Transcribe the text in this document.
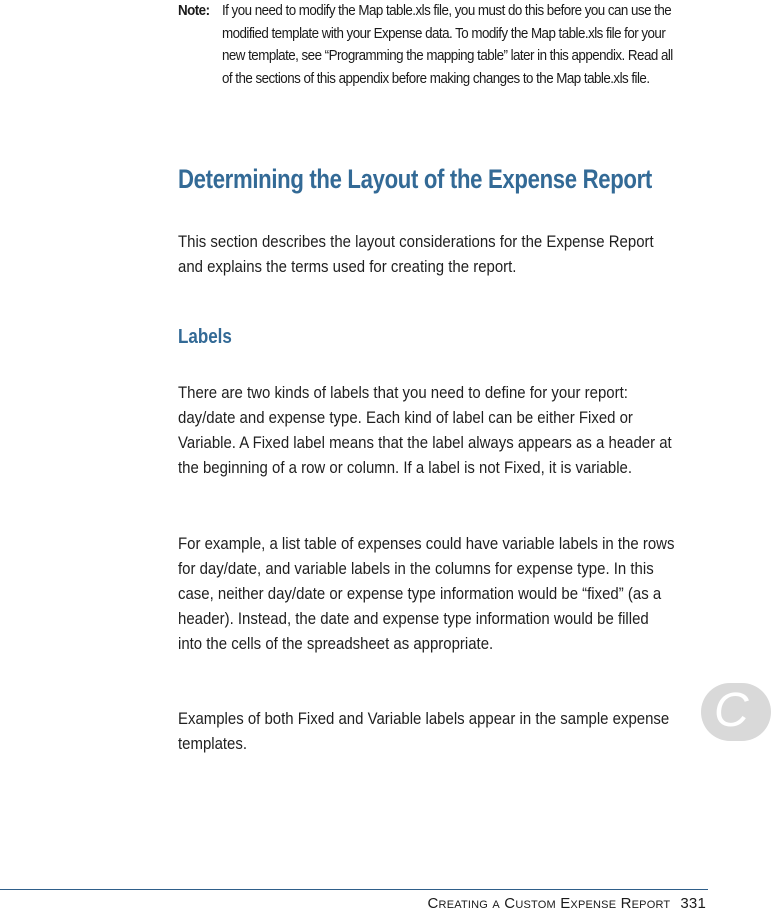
Note: If you need to modify the Map table.xls file, you must do this before you can use the modified template with your Expense data. To modify the Map table.xls file for your new template, see “Programming the mapping table” later in this appendix. Read all of the sections of this appendix before making changes to the Map table.xls file.
Determining the Layout of the Expense Report

This section describes the layout considerations for the Expense Report and explains the terms used for creating the report.

Labels

There are two kinds of labels that you need to define for your report: day/date and expense type. Each kind of label can be either Fixed or Variable. A Fixed label means that the label always appears as a header at the beginning of a row or column. If a label is not Fixed, it is variable.

For example, a list table of expenses could have variable labels in the rows for day/date, and variable labels in the columns for expense type. In this case, neither day/date or expense type information would be “fixed” (as a header). Instead, the date and expense type information would be filled into the cells of the spreadsheet as appropriate.

Examples of both Fixed and Variable labels appear in the sample expense templates.

C
Creating a Custom Expense Report 331
